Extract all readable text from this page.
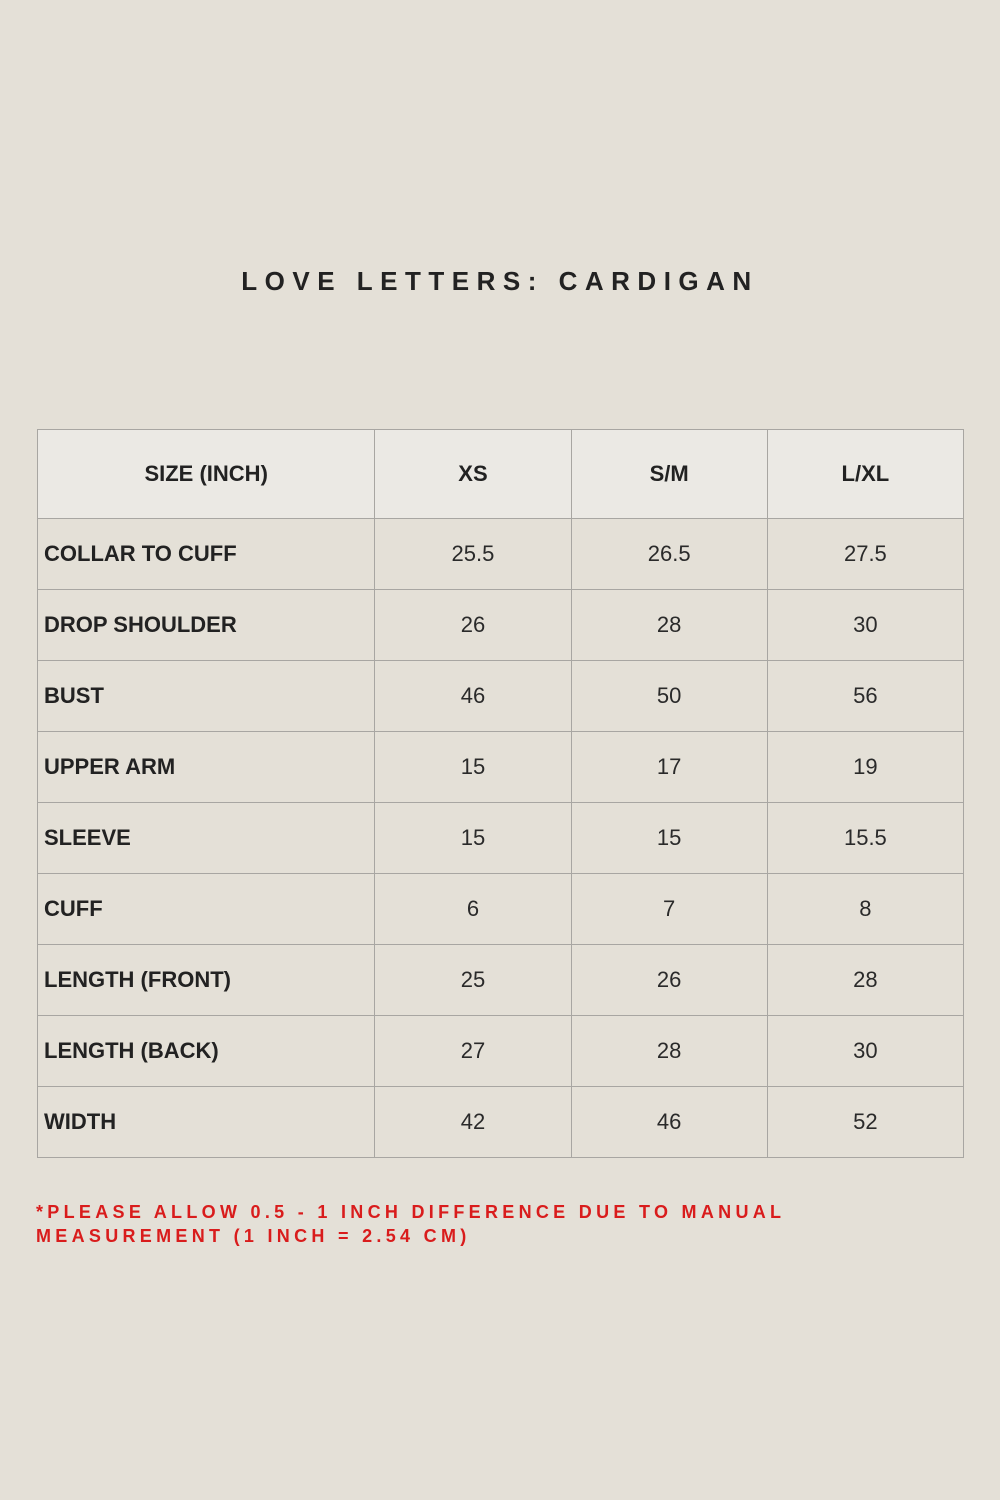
LOVE LETTERS: CARDIGAN
SIZE (INCH)	XS	S/M	L/XL
COLLAR TO CUFF	25.5	26.5	27.5
DROP SHOULDER	26	28	30
BUST	46	50	56
UPPER ARM	15	17	19
SLEEVE	15	15	15.5
CUFF	6	7	8
LENGTH (FRONT)	25	26	28
LENGTH (BACK)	27	28	30
WIDTH	42	46	52
*PLEASE ALLOW 0.5 - 1 INCH DIFFERENCE DUE TO MANUAL
MEASUREMENT (1 INCH = 2.54 CM)
